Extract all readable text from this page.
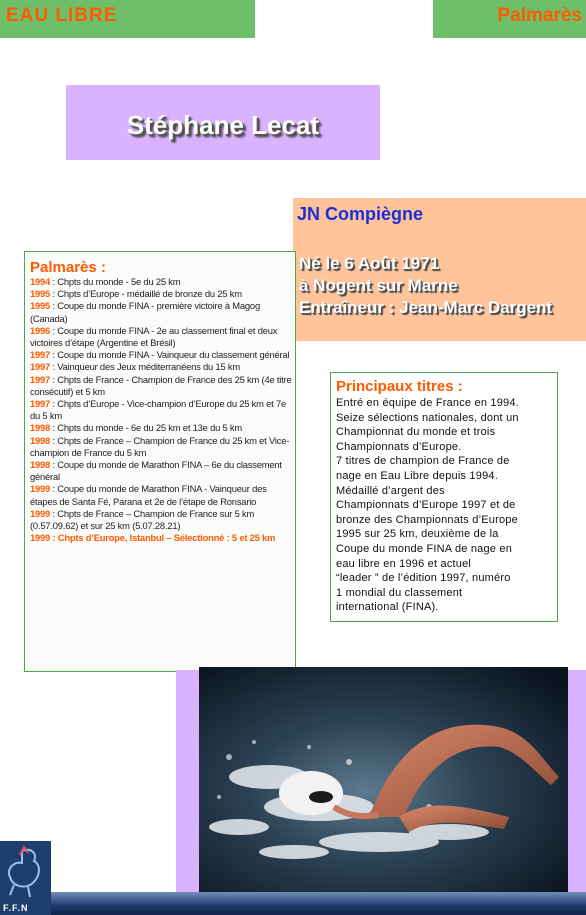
EAU LIBRE	Palmarès
Stéphane Lecat
JN Compiègne
Né le 6 Août 1971
à Nogent sur Marne
Entraîneur : Jean-Marc Dargent
Palmarès :
1994 : Chpts du monde - 5e du 25 km
1995 : Chpts d’Europe - médaillé de bronze du 25 km
1995 : Coupe du monde FINA - première victoire à Magog (Canada)
1996 : Coupe du monde FINA - 2e au classement final et deux victoires d’étape (Argentine et Brésil)
1997 : Coupe du monde FINA - Vainqueur du classement général
1997 : Vainqueur des Jeux méditerranéens du 15 km
1997 : Chpts de France - Champion de France des 25 km (4e titre consécutif) et 5 km
1997 : Chpts d’Europe - Vice-champion d’Europe du 25 km et 7e du 5 km
1998 : Chpts du monde - 6e du 25 km et 13e du 5 km
1998 : Chpts de France – Champion de France du 25 km et Vice-champion de France du 5 km
1998 : Coupe du monde de Marathon FINA – 6e du classement général
1999 : Coupe du monde de Marathon FINA - Vainqueur des étapes de Santa Fé, Parana et 2e de l’étape de Ronsario
1999 : Chpts de France – Champion de France sur 5 km (0.57.09.62) et sur 25 km (5.07.28.21)
1999 : Chpts d’Europe, Istanbul – Sélectionné : 5 et 25 km
Principaux titres :
Entré en équipe de France en 1994.
Seize sélections nationales, dont un
Championnat du monde et trois
Championnats d’Europe.
7 titres de champion de France de
nage en Eau Libre depuis 1994.
Médaillé d’argent des
Championnats d’Europe 1997 et de
bronze des Championnats d’Europe
1995 sur 25 km, deuxième de la
Coupe du monde FINA de nage en
eau libre en 1996 et actuel
“leader ” de l’édition 1997, numéro
1 mondial du classement
international (FINA).
F.F.N
